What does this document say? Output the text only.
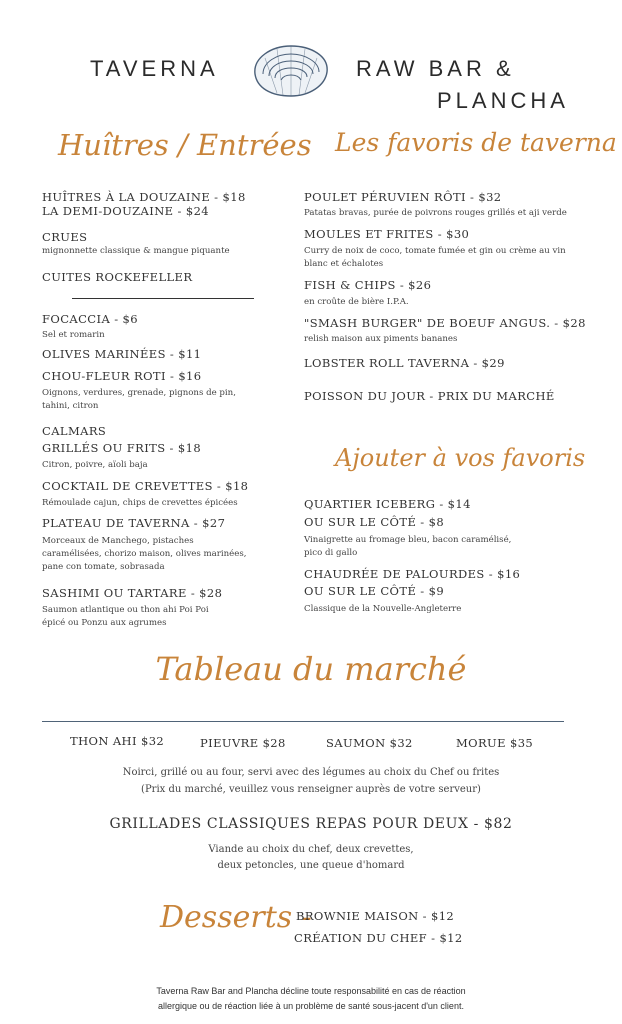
TAVERNA	RAW BAR &
PLANCHA
Huîtres / Entrées Les favoris de taverna
HUÎTRES À LA DOUZAINE - $18
LA DEMI-DOUZAINE - $24
CRUES
mignonnette classique & mangue piquante
CUITES ROCKEFELLER
FOCACCIA - $6
Sel et romarin
OLIVES MARINÉES - $11
CHOU-FLEUR ROTI - $16
Oignons, verdures, grenade, pignons de pin, tahini, citron
CALMARS
GRILLÉS OU FRITS - $18
Citron, poivre, aïoli baja
COCKTAIL DE CREVETTES - $18
Rémoulade cajun, chips de crevettes épicées
PLATEAU DE TAVERNA - $27
Morceaux de Manchego, pistaches caramélisées, chorizo maison, olives marinées, pane con tomate, sobrasada
SASHIMI OU TARTARE - $28
Saumon atlantique ou thon ahi Poi Poi épicé ou Ponzu aux agrumes
POULET PÉRUVIEN RÔTI - $32
Patatas bravas, purée de poivrons rouges grillés et aji verde
MOULES ET FRITES - $30
Curry de noix de coco, tomate fumée et gin ou crème au vin blanc et échalotes
FISH & CHIPS - $26
en croûte de bière I.P.A.
"SMASH BURGER" DE BOEUF ANGUS. - $28
relish maison aux piments bananes
LOBSTER ROLL TAVERNA - $29
POISSON DU JOUR - PRIX DU MARCHÉ
Ajouter à vos favoris
QUARTIER ICEBERG - $14
OU SUR LE CÔTÉ - $8
Vinaigrette au fromage bleu, bacon caramélisé, pico di gallo
CHAUDRÉE DE PALOURDES - $16
OU SUR LE CÔTÉ - $9
Classique de la Nouvelle-Angleterre
Tableau du marché
THON AHI $32	PIEUVRE $28	SAUMON $32	MORUE $35
Noirci, grillé ou au four, servi avec des légumes au choix du Chef ou frites
(Prix du marché, veuillez vous renseigner auprès de votre serveur)
GRILLADES CLASSIQUES REPAS POUR DEUX - $82
Viande au choix du chef, deux crevettes,
deux petoncles, une queue d'homard
Desserts -
BROWNIE MAISON - $12
CRÉATION DU CHEF - $12
Taverna Raw Bar and Plancha décline toute responsabilité en cas de réaction
allergique ou de réaction liée à un problème de santé sous-jacent d'un client.
